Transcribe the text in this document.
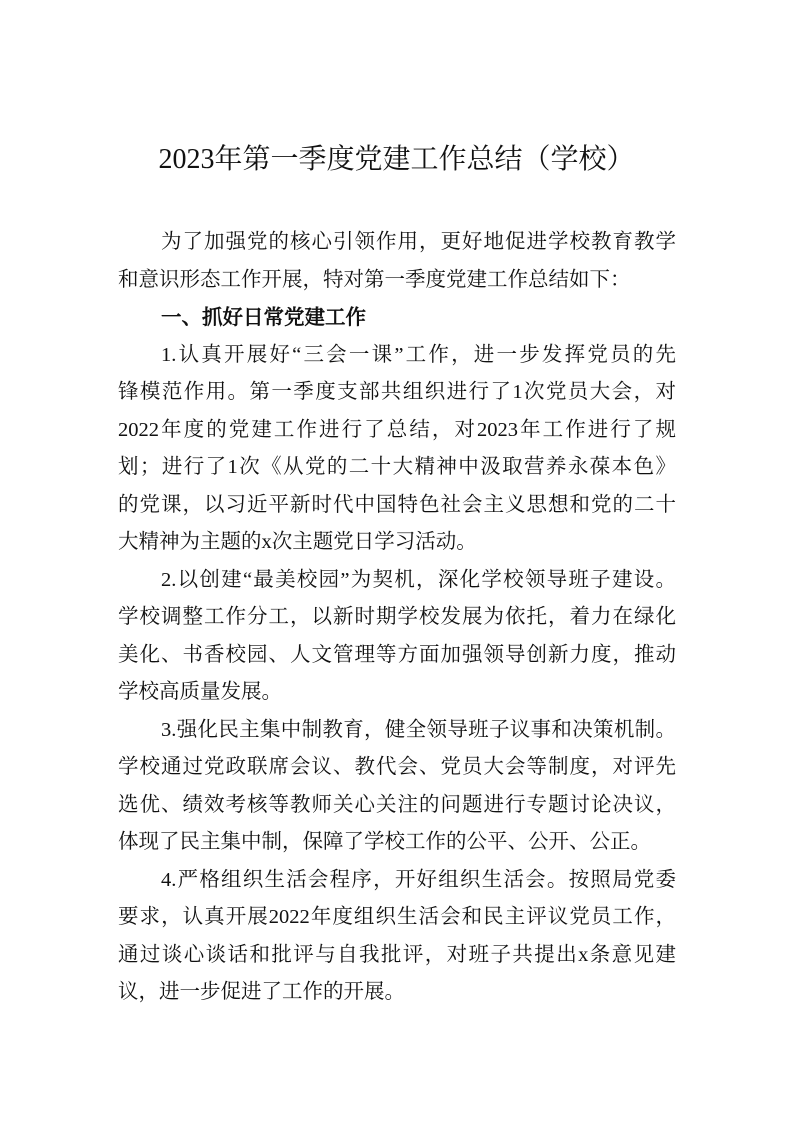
2023年第一季度党建工作总结（学校）
为了加强党的核心引领作用，更好地促进学校教育教学
和意识形态工作开展，特对第一季度党建工作总结如下：
一、抓好日常党建工作
1.认真开展好“三会一课”工作，进一步发挥党员的先
锋模范作用。第一季度支部共组织进行了1次党员大会，对
2022年度的党建工作进行了总结，对2023年工作进行了规
划；进行了1次《从党的二十大精神中汲取营养永葆本色》
的党课，以习近平新时代中国特色社会主义思想和党的二十
大精神为主题的x次主题党日学习活动。
2.以创建“最美校园”为契机，深化学校领导班子建设。
学校调整工作分工，以新时期学校发展为依托，着力在绿化
美化、书香校园、人文管理等方面加强领导创新力度，推动
学校高质量发展。
3.强化民主集中制教育，健全领导班子议事和决策机制。
学校通过党政联席会议、教代会、党员大会等制度，对评先
选优、绩效考核等教师关心关注的问题进行专题讨论决议，
体现了民主集中制，保障了学校工作的公平、公开、公正。
4.严格组织生活会程序，开好组织生活会。按照局党委
要求，认真开展2022年度组织生活会和民主评议党员工作，
通过谈心谈话和批评与自我批评，对班子共提出x条意见建
议，进一步促进了工作的开展。
